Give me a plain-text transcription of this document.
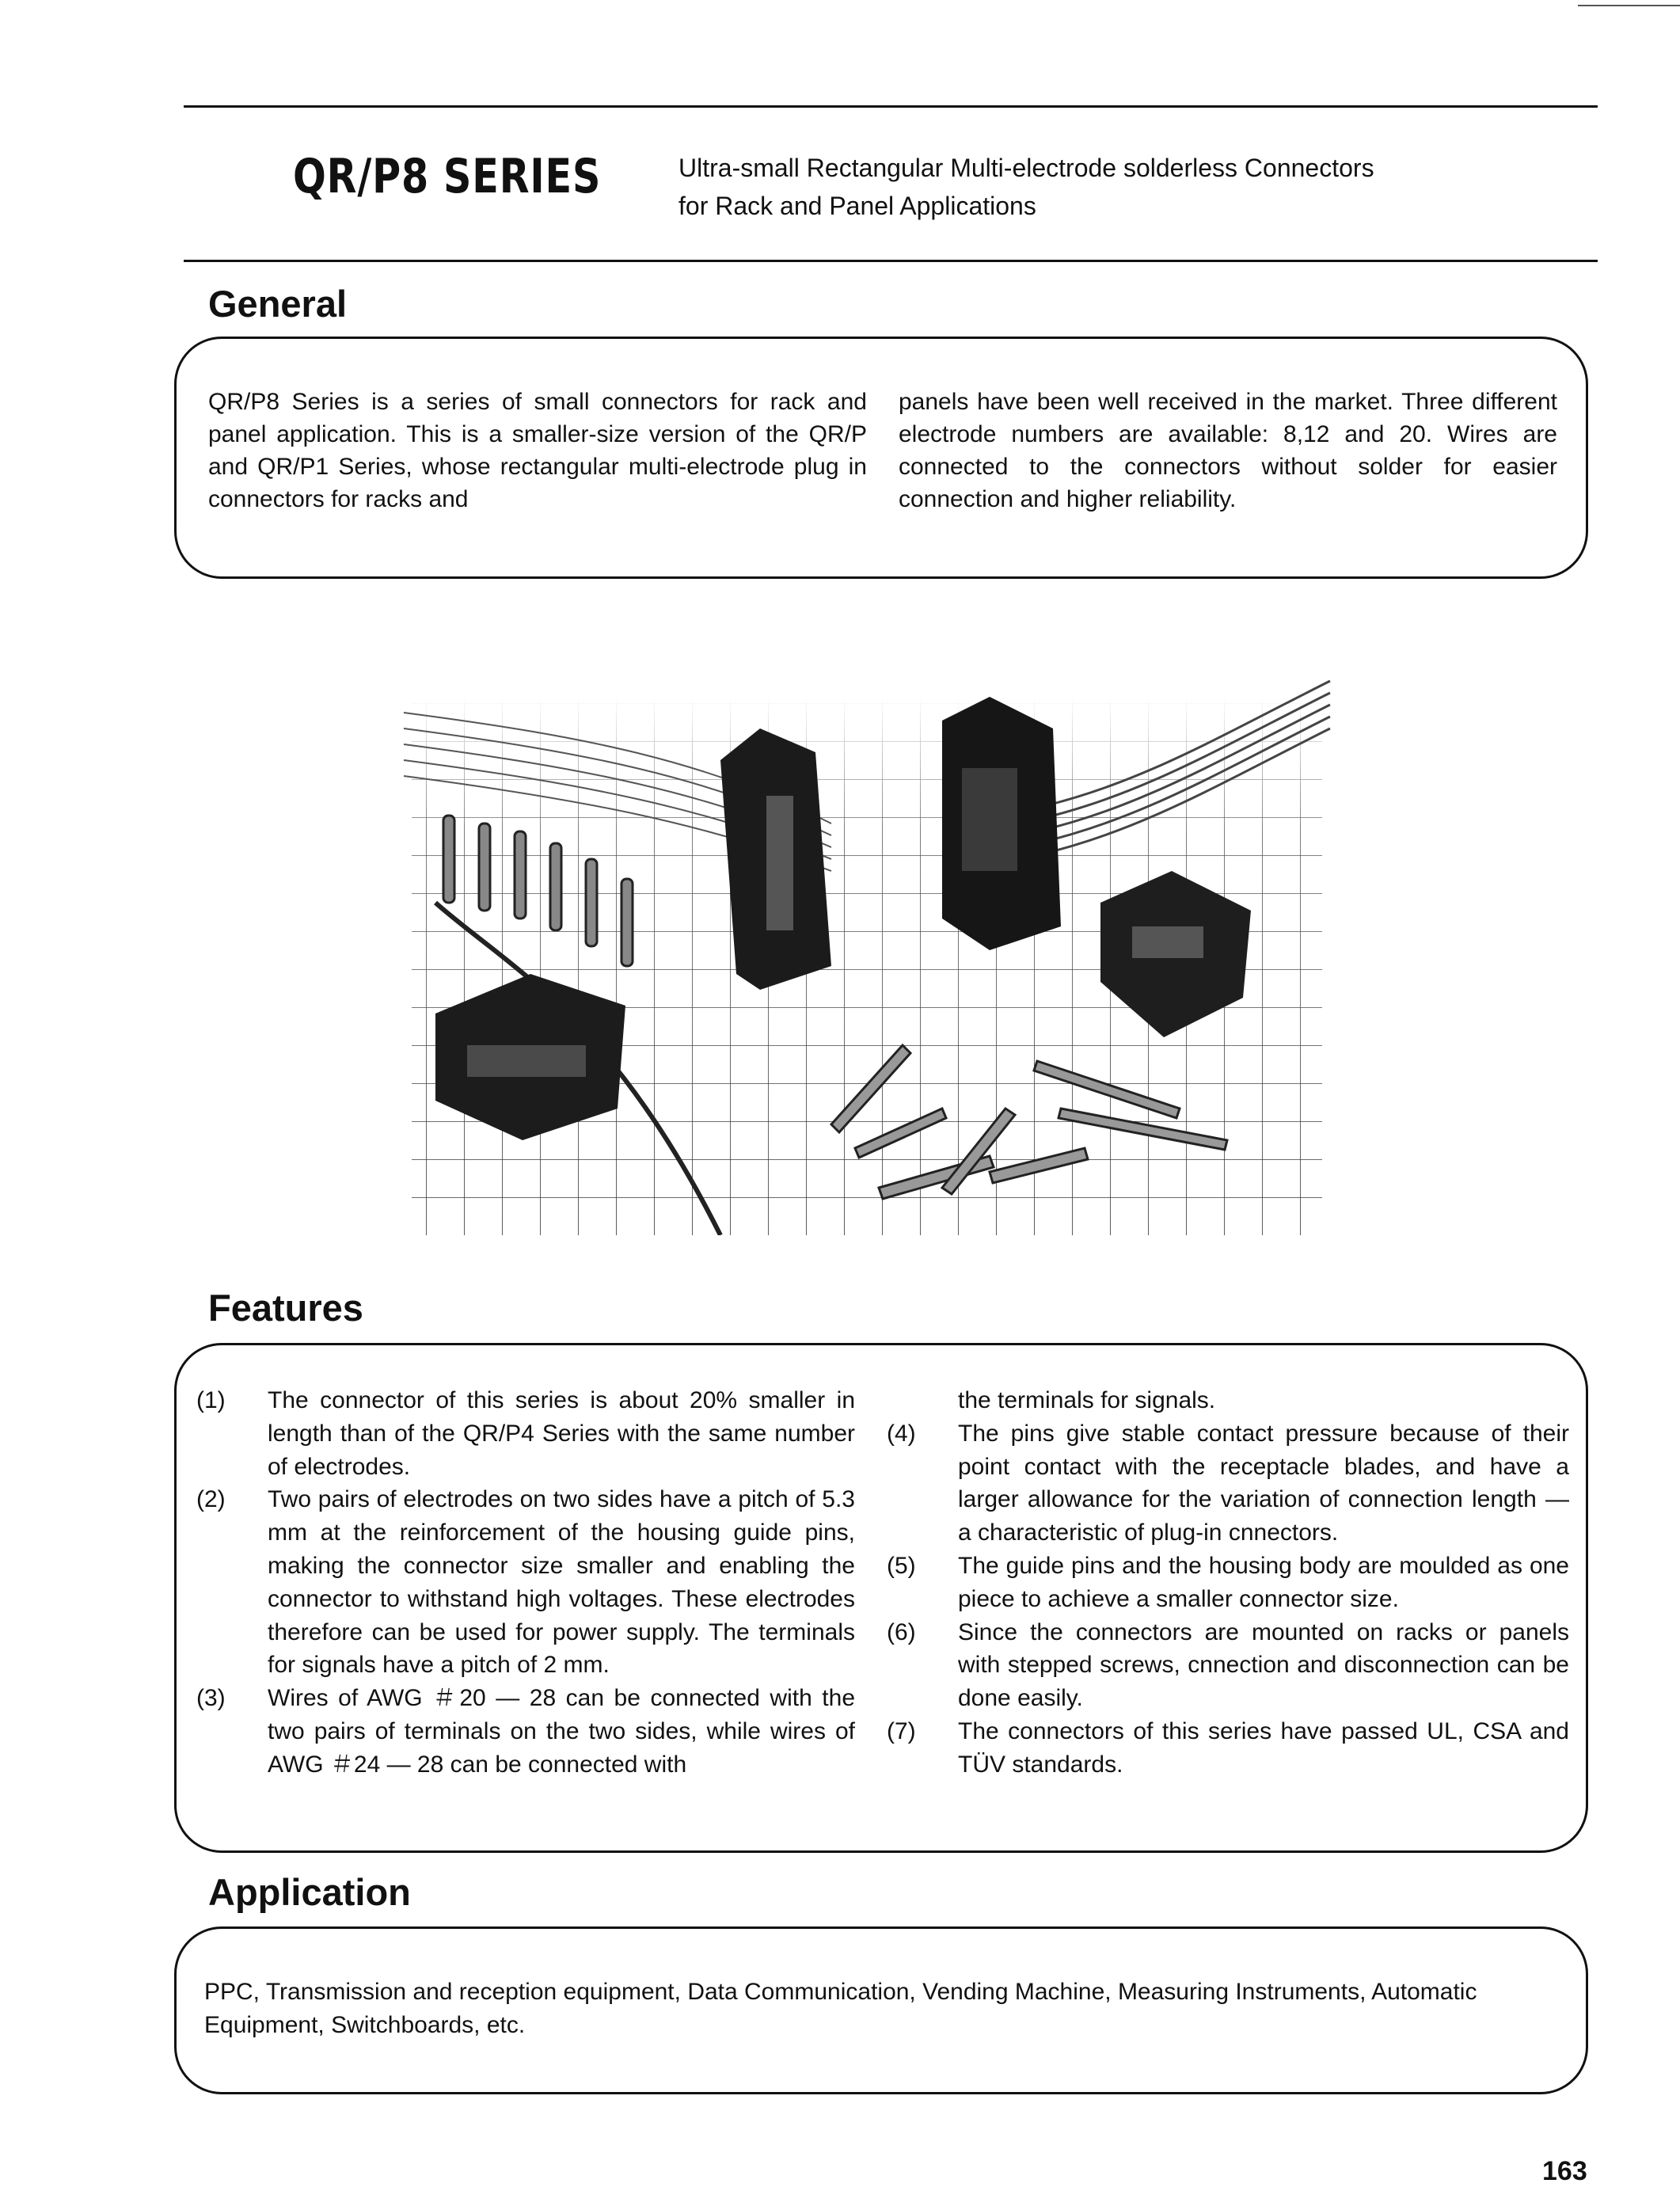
QR/P8 SERIES	Ultra-small Rectangular Multi-electrode solderless Connectors
for Rack and Panel Applications
General
QR/P8 Series is a series of small connectors for rack and panel application. This is a smaller-size version of the QR/P and QR/P1 Series, whose rectangular multi-electrode plug in connectors for racks and
panels have been well received in the market. Three different electrode numbers are available: 8,12 and 20. Wires are connected to the connectors without solder for easier connection and higher reliability.
Features
(1) The connector of this series is about 20% smaller in length than of the QR/P4 Series with the same number of electrodes.
(2) Two pairs of electrodes on two sides have a pitch of 5.3 mm at the reinforcement of the housing guide pins, making the connector size smaller and enabling the connector to withstand high voltages. These electrodes therefore can be used for power supply. The terminals for signals have a pitch of 2 mm.
(3) Wires of AWG ＃20 — 28 can be connected with the two pairs of terminals on the two sides, while wires of AWG ＃24 — 28 can be connected with
the terminals for signals.
(4) The pins give stable contact pressure because of their point contact with the receptacle blades, and have a larger allowance for the variation of connection length — a characteristic of plug-in cnnectors.
(5) The guide pins and the housing body are moulded as one piece to achieve a smaller connector size.
(6) Since the connectors are mounted on racks or panels with stepped screws, cnnection and disconnection can be done easily.
(7) The connectors of this series have passed UL, CSA and TÜV standards.
Application
PPC, Transmission and reception equipment, Data Communication, Vending Machine, Measuring Instruments, Automatic Equipment, Switchboards, etc.
163
